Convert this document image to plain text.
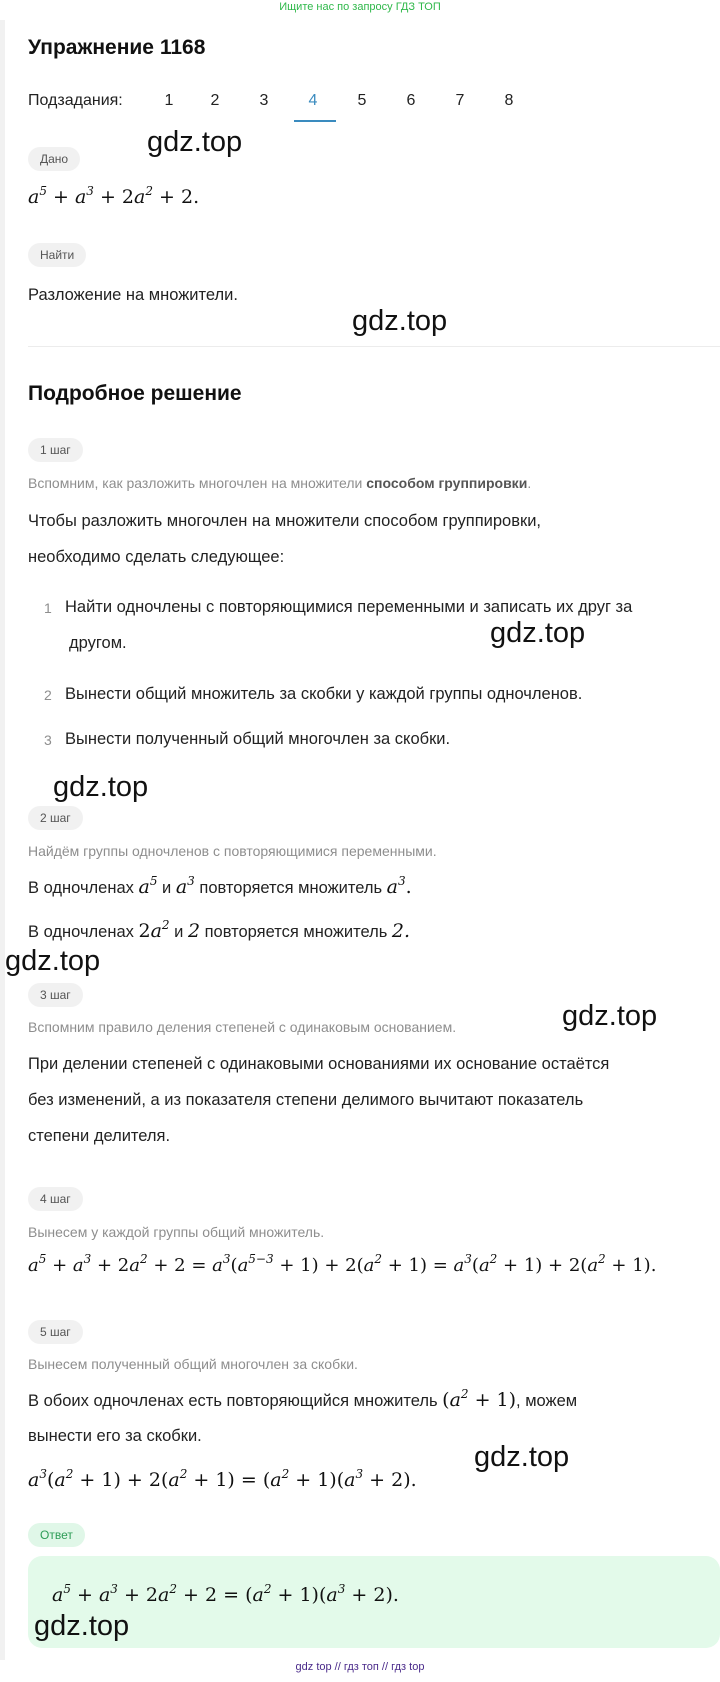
Ищите нас по запросу ГДЗ ТОП
Упражнение 1168
Подзадания:	1	2	3	4	5	6	7	8
gdz.top
Дано
$a^5 + a^3 + 2a^2 + 2$.
Найти
Разложение на множители.
gdz.top
Подробное решение
1 шаг
Вспомним, как разложить многочлен на множители способом группировки.
Чтобы разложить многочлен на множители способом группировки,
необходимо сделать следующее:
1 Найти одночлены с повторяющимися переменными и записать их друг за
другом.	gdz.top
2 Вынести общий множитель за скобки у каждой группы одночленов.
3 Вынести полученный общий многочлен за скобки.
gdz.top
2 шаг
Найдём группы одночленов с повторяющимися переменными.
В одночленах $a^5$ и $a^3$ повторяется множитель $a^3$.
В одночленах $2a^2$ и 2 повторяется множитель 2.
gdz.top
3 шаг
Вспомним правило деления степеней с одинаковым основанием.	gdz.top
При делении степеней с одинаковыми основаниями их основание остаётся
без изменений, а из показателя степени делимого вычитают показатель
степени делителя.
4 шаг
Вынесем у каждой группы общий множитель.
$a^5 + a^3 + 2a^2 + 2 = a^3(a^{5-3} + 1) + 2(a^2 + 1) = a^3(a^2 + 1) + 2(a^2 + 1)$.
5 шаг
Вынесем полученный общий многочлен за скобки.
В обоих одночленах есть повторяющийся множитель $(a^2 + 1)$, можем
вынести его за скобки.
gdz.top
$a^3(a^2 + 1) + 2(a^2 + 1) = (a^2 + 1)(a^3 + 2)$.
Ответ
$a^5 + a^3 + 2a^2 + 2 = (a^2 + 1)(a^3 + 2)$.
gdz.top
gdz top // гдз топ // гдз top
